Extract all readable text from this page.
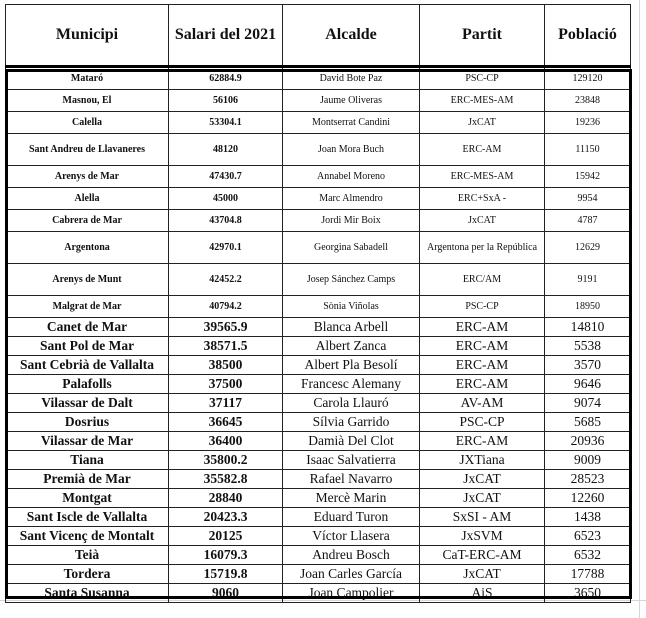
Municipi	Salari del 2021	Alcalde	Partit	Població
Mataró	62884.9	David Bote Paz	PSC-CP	129120
Masnou, El	56106	Jaume Oliveras	ERC-MES-AM	23848
Calella	53304.1	Montserrat Candini	JxCAT	19236
Sant Andreu de Llavaneres	48120	Joan Mora Buch	ERC-AM	11150
Arenys de Mar	47430.7	Annabel Moreno	ERC-MES-AM	15942
Alella	45000	Marc Almendro	ERC+SxA -	9954
Cabrera de Mar	43704.8	Jordi Mir Boix	JxCAT	4787
Argentona	42970.1	Georgina Sabadell	Argentona per la República	12629
Arenys de Munt	42452.2	Josep Sánchez Camps	ERC/AM	9191
Malgrat de Mar	40794.2	Sònia Viñolas	PSC-CP	18950
Canet de Mar	39565.9	Blanca Arbell	ERC-AM	14810
Sant Pol de Mar	38571.5	Albert Zanca	ERC-AM	5538
Sant Cebrià de Vallalta	38500	Albert Pla Besolí	ERC-AM	3570
Palafolls	37500	Francesc Alemany	ERC-AM	9646
Vilassar de Dalt	37117	Carola Llauró	AV-AM	9074
Dosrius	36645	Sílvia Garrido	PSC-CP	5685
Vilassar de Mar	36400	Damià Del Clot	ERC-AM	20936
Tiana	35800.2	Isaac Salvatierra	JXTiana	9009
Premià de Mar	35582.8	Rafael Navarro	JxCAT	28523
Montgat	28840	Mercè Marin	JxCAT	12260
Sant Iscle de Vallalta	20423.3	Eduard Turon	SxSI - AM	1438
Sant Vicenç de Montalt	20125	Víctor Llasera	JxSVM	6523
Teià	16079.3	Andreu Bosch	CaT-ERC-AM	6532
Tordera	15719.8	Joan Carles García	JxCAT	17788
Santa Susanna	9060	Joan Campolier	AiS	3650
